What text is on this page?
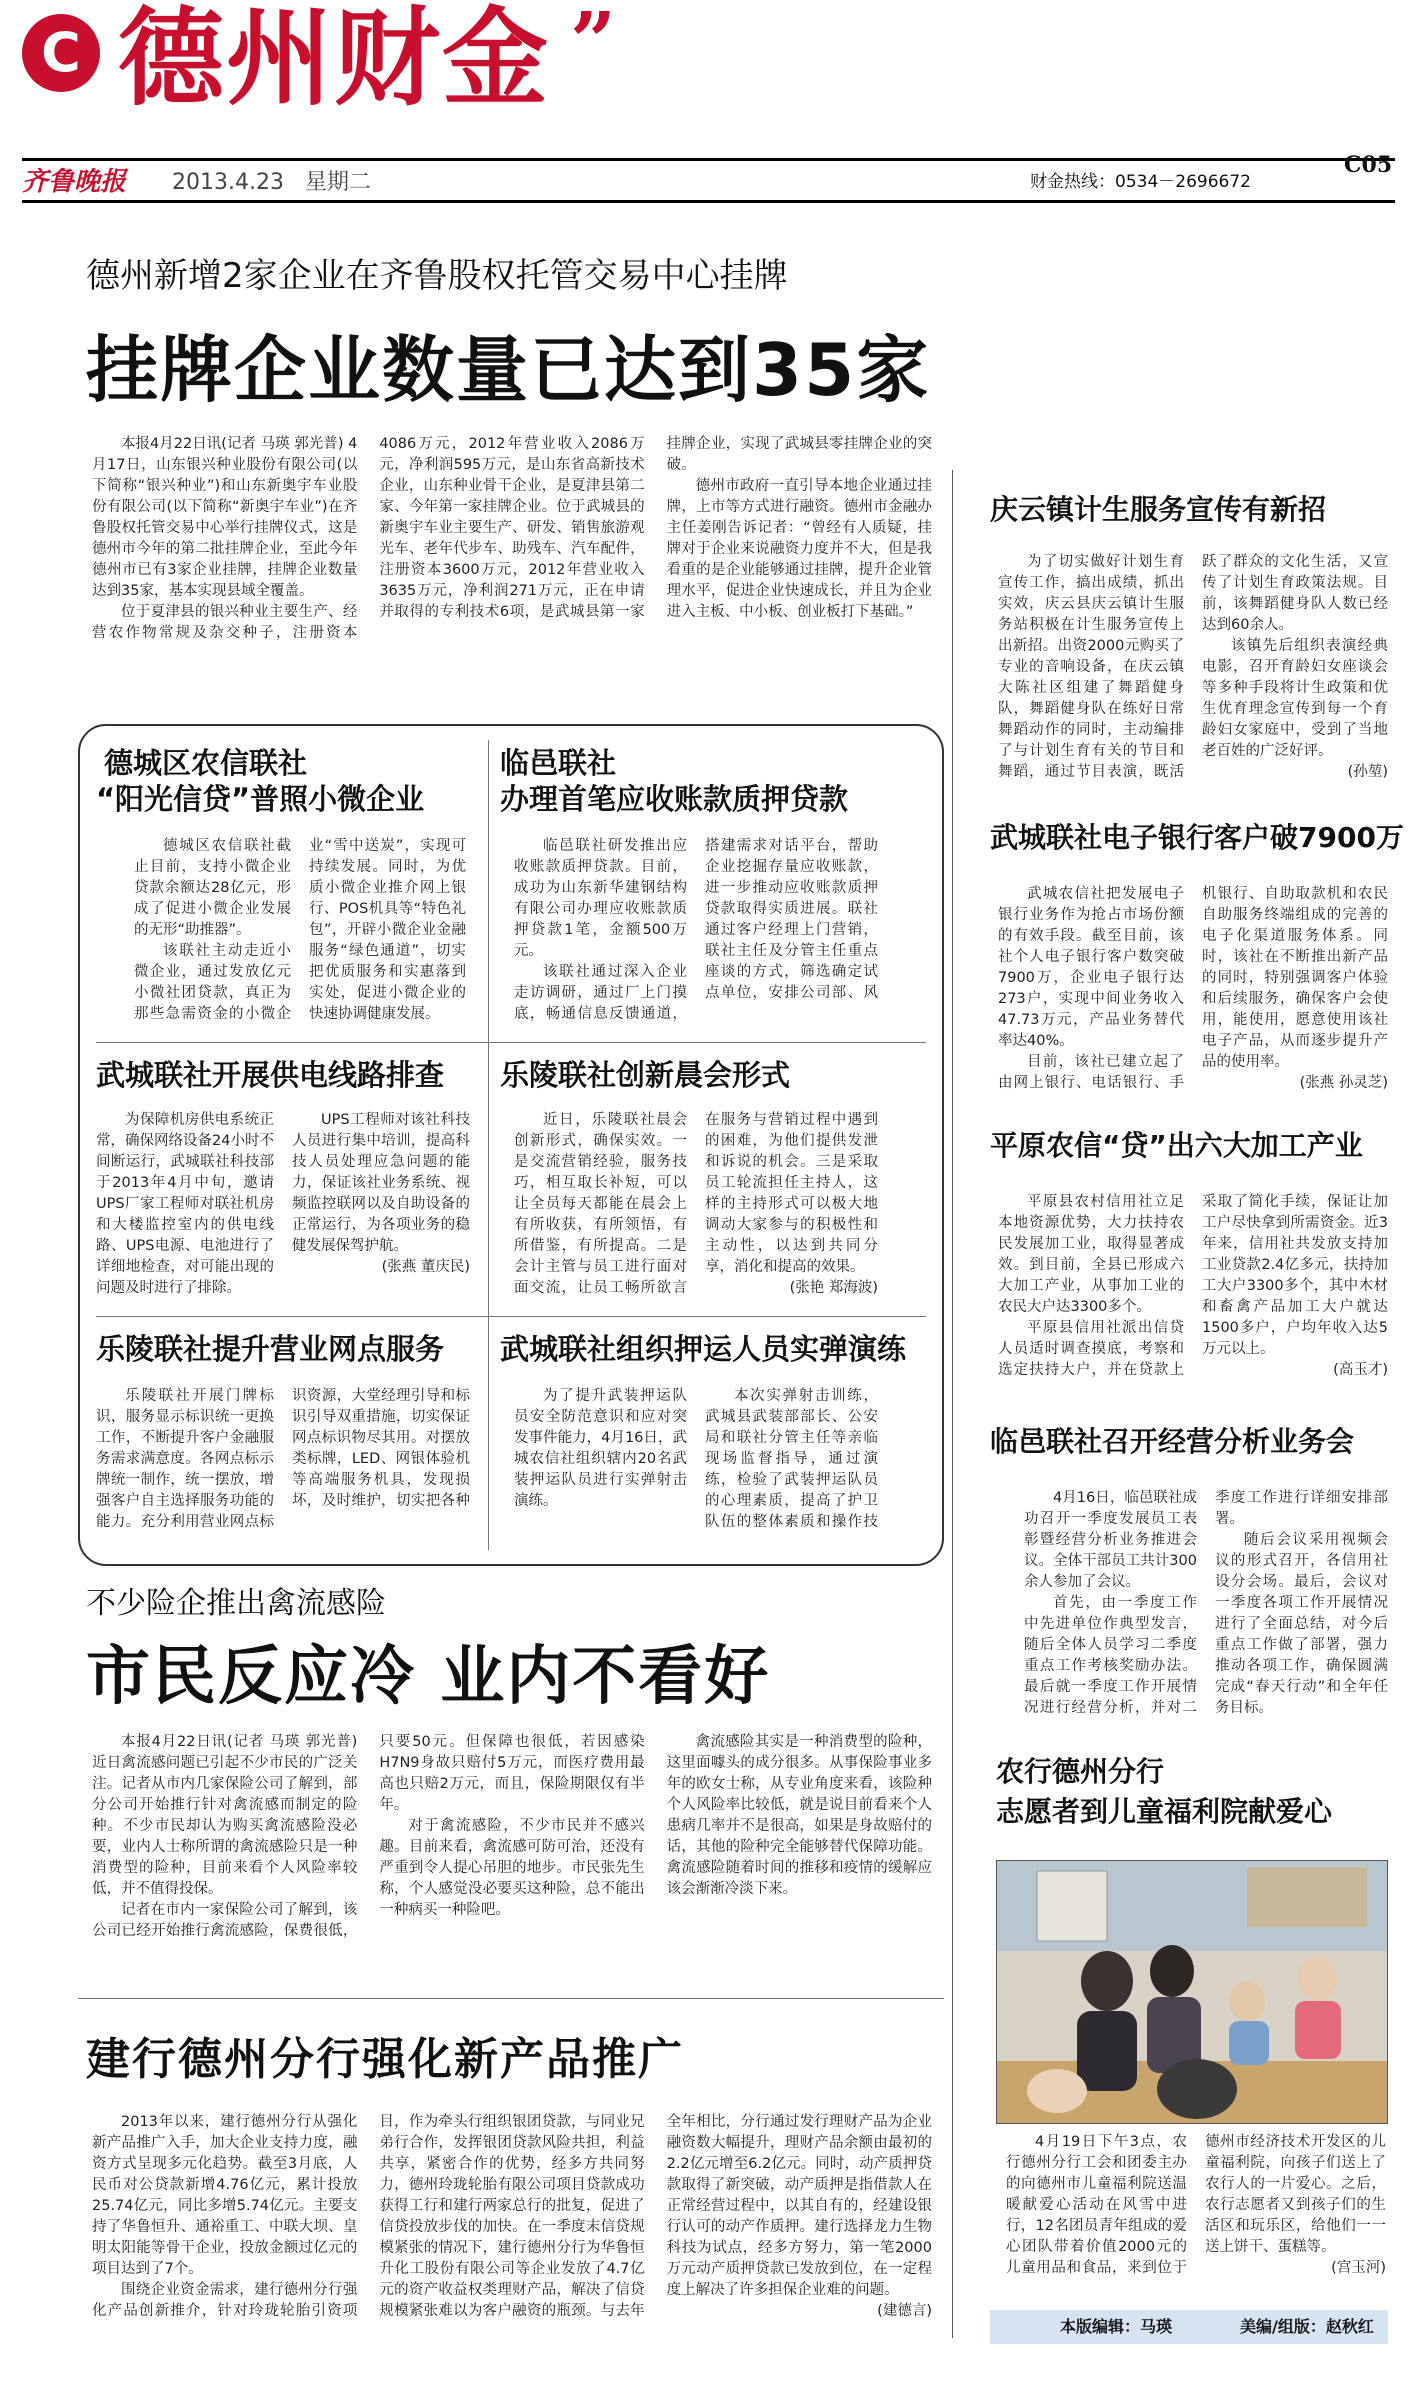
C 德州财金 ”
齐鲁晚报 2013.4.23 星期二	财金热线：0534－2696672
C05
德州新增2家企业在齐鲁股权托管交易中心挂牌
挂牌企业数量已达到35家

本报4月22日讯(记者 马瑛 郭光普) 4月17日，山东银兴种业股份有限公司(以下简称“银兴种业”)和山东新奥宇车业股份有限公司(以下简称“新奥宇车业”)在齐鲁股权托管交易中心举行挂牌仪式，这是德州市今年的第二批挂牌企业，至此今年德州市已有3家企业挂牌，挂牌企业数量达到35家，基本实现县域全覆盖。

位于夏津县的银兴种业主要生产、经营农作物常规及杂交种子，注册资本4086万元，2012年营业收入2086万元，净利润595万元，是山东省高新技术企业，山东种业骨干企业，是夏津县第二家、今年第一家挂牌企业。位于武城县的新奥宇车业主要生产、研发、销售旅游观光车、老年代步车、助残车、汽车配件，注册资本3600万元，2012年营业收入3635万元，净利润271万元，正在申请并取得的专利技术6项，是武城县第一家挂牌企业，实现了武城县零挂牌企业的突破。

德州市政府一直引导本地企业通过挂牌，上市等方式进行融资。德州市金融办主任姜刚告诉记者：“曾经有人质疑，挂牌对于企业来说融资力度并不大，但是我看重的是企业能够通过挂牌，提升企业管理水平，促进企业快速成长，并且为企业进入主板、中小板、创业板打下基础。”

德城区农信联社
“阳光信贷”普照小微企业

德城区农信联社截止目前，支持小微企业贷款余额达28亿元，形成了促进小微企业发展的无形“助推器”。

该联社主动走近小微企业，通过发放亿元小微社团贷款，真正为那些急需资金的小微企业“雪中送炭”，实现可持续发展。同时，为优质小微企业推介网上银行、POS机具等“特色礼包”，开辟小微企业金融服务“绿色通道”，切实把优质服务和实惠落到实处，促进小微企业的快速协调健康发展。

临邑联社
办理首笔应收账款质押贷款

临邑联社研发推出应收账款质押贷款。目前，成功为山东新华建钢结构有限公司办理应收账款质押贷款1笔，金额500万元。

该联社通过深入企业走访调研，通过厂上门摸底，畅通信息反馈通道，搭建需求对话平台，帮助企业挖掘存量应收账款，进一步推动应收账款质押贷款取得实质进展。联社通过客户经理上门营销，联社主任及分管主任重点座谈的方式，筛选确定试点单位，安排公司部、风

武城联社开展供电线路排查

为保障机房供电系统正常，确保网络设备24小时不间断运行，武城联社科技部于2013年4月中旬，邀请UPS厂家工程师对联社机房和大楼监控室内的供电线路、UPS电源、电池进行了详细地检查，对可能出现的问题及时进行了排除。

UPS工程师对该社科技人员进行集中培训，提高科技人员处理应急问题的能力，保证该社业务系统、视频监控联网以及自助设备的正常运行，为各项业务的稳健发展保驾护航。

(张燕 董庆民)

乐陵联社创新晨会形式

近日，乐陵联社晨会创新形式，确保实效。一是交流营销经验，服务技巧，相互取长补短，可以让全员每天都能在晨会上有所收获，有所领悟，有所借鉴，有所提高。二是会计主管与员工进行面对面交流，让员工畅所欲言在服务与营销过程中遇到的困难，为他们提供发泄和诉说的机会。三是采取员工轮流担任主持人，这样的主持形式可以极大地调动大家参与的积极性和主动性，以达到共同分享，消化和提高的效果。

(张艳 郑海波)

乐陵联社提升营业网点服务

乐陵联社开展门牌标识，服务显示标识统一更换工作，不断提升客户金融服务需求满意度。各网点标示牌统一制作，统一摆放，增强客户自主选择服务功能的能力。充分利用营业网点标识资源，大堂经理引导和标识引导双重措施，切实保证网点标识物尽其用。对摆放类标牌，LED、网银体验机等高端服务机具，发现损坏，及时维护，切实把各种

武城联社组织押运人员实弹演练

为了提升武装押运队员安全防范意识和应对突发事件能力，4月16日，武城农信社组织辖内20名武装押运队员进行实弹射击演练。

本次实弹射击训练，武城县武装部部长、公安局和联社分管主任等亲临现场监督指导，通过演练，检验了武装押运队员的心理素质，提高了护卫队伍的整体素质和操作技

不少险企推出禽流感险
市民反应冷 业内不看好

本报4月22日讯(记者 马瑛 郭光普) 近日禽流感问题已引起不少市民的广泛关注。记者从市内几家保险公司了解到，部分公司开始推行针对禽流感而制定的险种。不少市民却认为购买禽流感险没必要，业内人士称所谓的禽流感险只是一种消费型的险种，目前来看个人风险率较低，并不值得投保。

记者在市内一家保险公司了解到，该公司已经开始推行禽流感险，保费很低，只要50元。但保障也很低，若因感染H7N9身故只赔付5万元，而医疗费用最高也只赔2万元，而且，保险期限仅有半年。

对于禽流感险，不少市民并不感兴趣。目前来看，禽流感可防可治，还没有严重到令人提心吊胆的地步。市民张先生称，个人感觉没必要买这种险，总不能出一种病买一种险吧。

禽流感险其实是一种消费型的险种，这里面噱头的成分很多。从事保险事业多年的欧女士称，从专业角度来看，该险种个人风险率比较低，就是说目前看来个人患病几率并不是很高，如果是身故赔付的话，其他的险种完全能够替代保障功能。禽流感险随着时间的推移和疫情的缓解应该会渐渐冷淡下来。

建行德州分行强化新产品推广

2013年以来，建行德州分行从强化新产品推广入手，加大企业支持力度，融资方式呈现多元化趋势。截至3月底，人民币对公贷款新增4.76亿元，累计投放25.74亿元，同比多增5.74亿元。主要支持了华鲁恒升、通裕重工、中联大坝、皇明太阳能等骨干企业，投放金额过亿元的项目达到了7个。

围绕企业资金需求，建行德州分行强化产品创新推介，针对玲珑轮胎引资项目，作为牵头行组织银团贷款，与同业兄弟行合作，发挥银团贷款风险共担，利益共享，紧密合作的优势，经多方共同努力，德州玲珑轮胎有限公司项目贷款成功获得工行和建行两家总行的批复，促进了信贷投放步伐的加快。在一季度末信贷规模紧张的情况下，建行德州分行为华鲁恒升化工股份有限公司等企业发放了4.7亿元的资产收益权类理财产品，解决了信贷规模紧张难以为客户融资的瓶颈。与去年全年相比，分行通过发行理财产品为企业融资数大幅提升，理财产品余额由最初的2.2亿元增至6.2亿元。同时，动产质押贷款取得了新突破，动产质押是指借款人在正常经营过程中，以其自有的，经建设银行认可的动产作质押。建行选择龙力生物科技为试点，经多方努力，第一笔2000万元动产质押贷款已发放到位，在一定程度上解决了许多担保企业难的问题。

(建德言)

庆云镇计生服务宣传有新招

为了切实做好计划生育宣传工作，搞出成绩，抓出实效，庆云县庆云镇计生服务站积极在计生服务宣传上出新招。出资2000元购买了专业的音响设备，在庆云镇大陈社区组建了舞蹈健身队，舞蹈健身队在练好日常舞蹈动作的同时，主动编排了与计划生育有关的节目和舞蹈，通过节目表演，既活跃了群众的文化生活，又宣传了计划生育政策法规。目前，该舞蹈健身队人数已经达到60余人。

该镇先后组织表演经典电影，召开育龄妇女座谈会等多种手段将计生政策和优生优育理念宣传到每一个育龄妇女家庭中，受到了当地老百姓的广泛好评。

(孙堃)

武城联社电子银行客户破7900万

武城农信社把发展电子银行业务作为抢占市场份额的有效手段。截至目前，该社个人电子银行客户数突破7900万，企业电子银行达273户，实现中间业务收入47.73万元，产品业务替代率达40%。

目前，该社已建立起了由网上银行、电话银行、手机银行、自助取款机和农民自助服务终端组成的完善的电子化渠道服务体系。同时，该社在不断推出新产品的同时，特别强调客户体验和后续服务，确保客户会使用，能使用，愿意使用该社电子产品，从而逐步提升产品的使用率。

(张燕 孙灵芝)

平原农信“贷”出六大加工产业

平原县农村信用社立足本地资源优势，大力扶持农民发展加工业，取得显著成效。到目前，全县已形成六大加工产业，从事加工业的农民大户达3300多个。

平原县信用社派出信贷人员适时调查摸底，考察和选定扶持大户，并在贷款上采取了简化手续，保证让加工户尽快拿到所需资金。近3年来，信用社共发放支持加工业贷款2.4亿多元，扶持加工大户3300多个，其中木材和畜禽产品加工大户就达1500多户，户均年收入达5万元以上。

(高玉才)

临邑联社召开经营分析业务会

4月16日，临邑联社成功召开一季度发展员工表彰暨经营分析业务推进会议。全体干部员工共计300余人参加了会议。

首先，由一季度工作中先进单位作典型发言，随后全体人员学习二季度重点工作考核奖励办法。最后就一季度工作开展情况进行经营分析，并对二季度工作进行详细安排部署。

随后会议采用视频会议的形式召开，各信用社设分会场。最后，会议对一季度各项工作开展情况进行了全面总结，对今后重点工作做了部署，强力推动各项工作，确保圆满完成“春天行动”和全年任务目标。

农行德州分行
志愿者到儿童福利院献爱心

4月19日下午3点，农行德州分行工会和团委主办的向德州市儿童福利院送温暖献爱心活动在风雪中进行，12名团员青年组成的爱心团队带着价值2000元的儿童用品和食品，来到位于德州市经济技术开发区的儿童福利院，向孩子们送上了农行人的一片爱心。之后，农行志愿者又到孩子们的生活区和玩乐区，给他们一一送上饼干、蛋糕等。

(宫玉河)

本版编辑：马瑛	美编/组版：赵秋红
